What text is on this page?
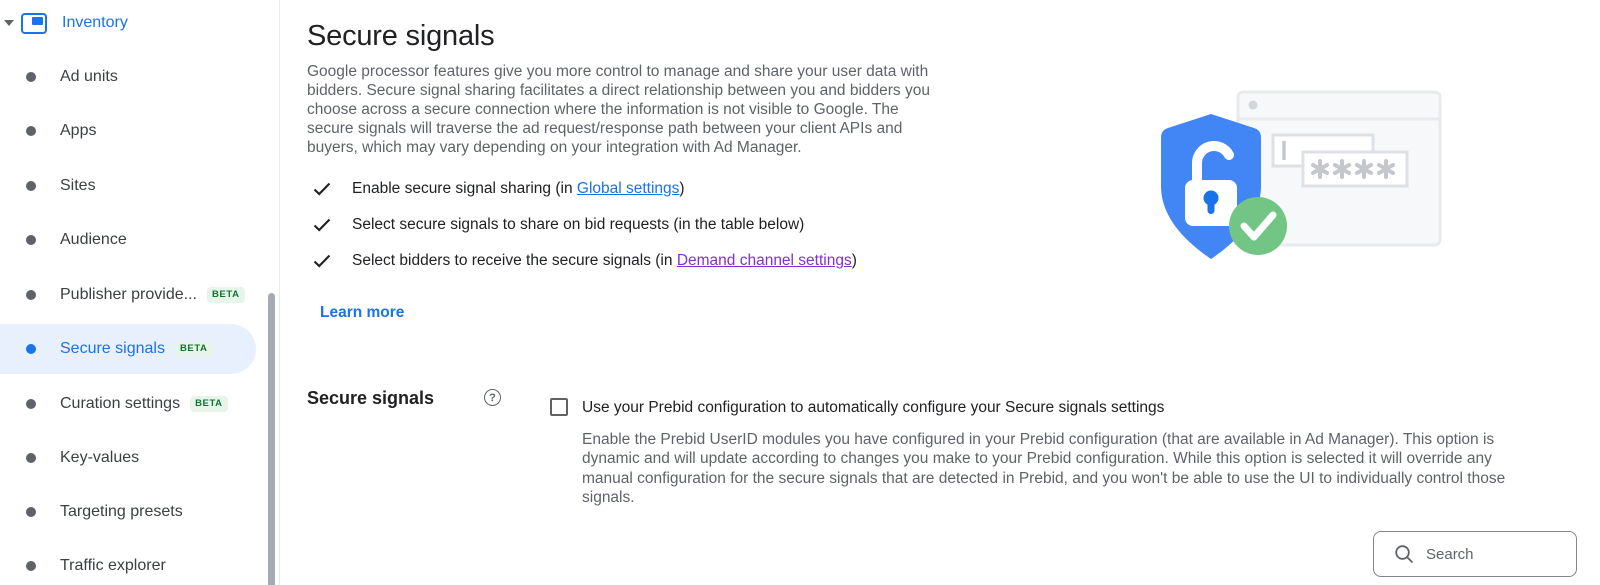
Inventory
Ad units
Apps
Sites
Audience
Publisher provide...	BETA
Secure signals	BETA
Curation settings	BETA
Key-values
Targeting presets
Traffic explorer
Secure signals

Google processor features give you more control to manage and share your user data with bidders. Secure signal sharing facilitates a direct relationship between you and bidders you choose across a secure connection where the information is not visible to Google. The secure signals will traverse the ad request/response path between your client APIs and buyers, which may vary depending on your integration with Ad Manager.

Enable secure signal sharing (in Global settings)
Select secure signals to share on bid requests (in the table below)
Select bidders to receive the secure signals (in Demand channel settings)
Learn more
Secure signals	?
Use your Prebid configuration to automatically configure your Secure signals settings
Enable the Prebid UserID modules you have configured in your Prebid configuration (that are available in Ad Manager). This option is dynamic and will update according to changes you make to your Prebid configuration. While this option is selected it will override any manual configuration for the secure signals that are detected in Prebid, and you won't be able to use the UI to individually control those signals.
Search
